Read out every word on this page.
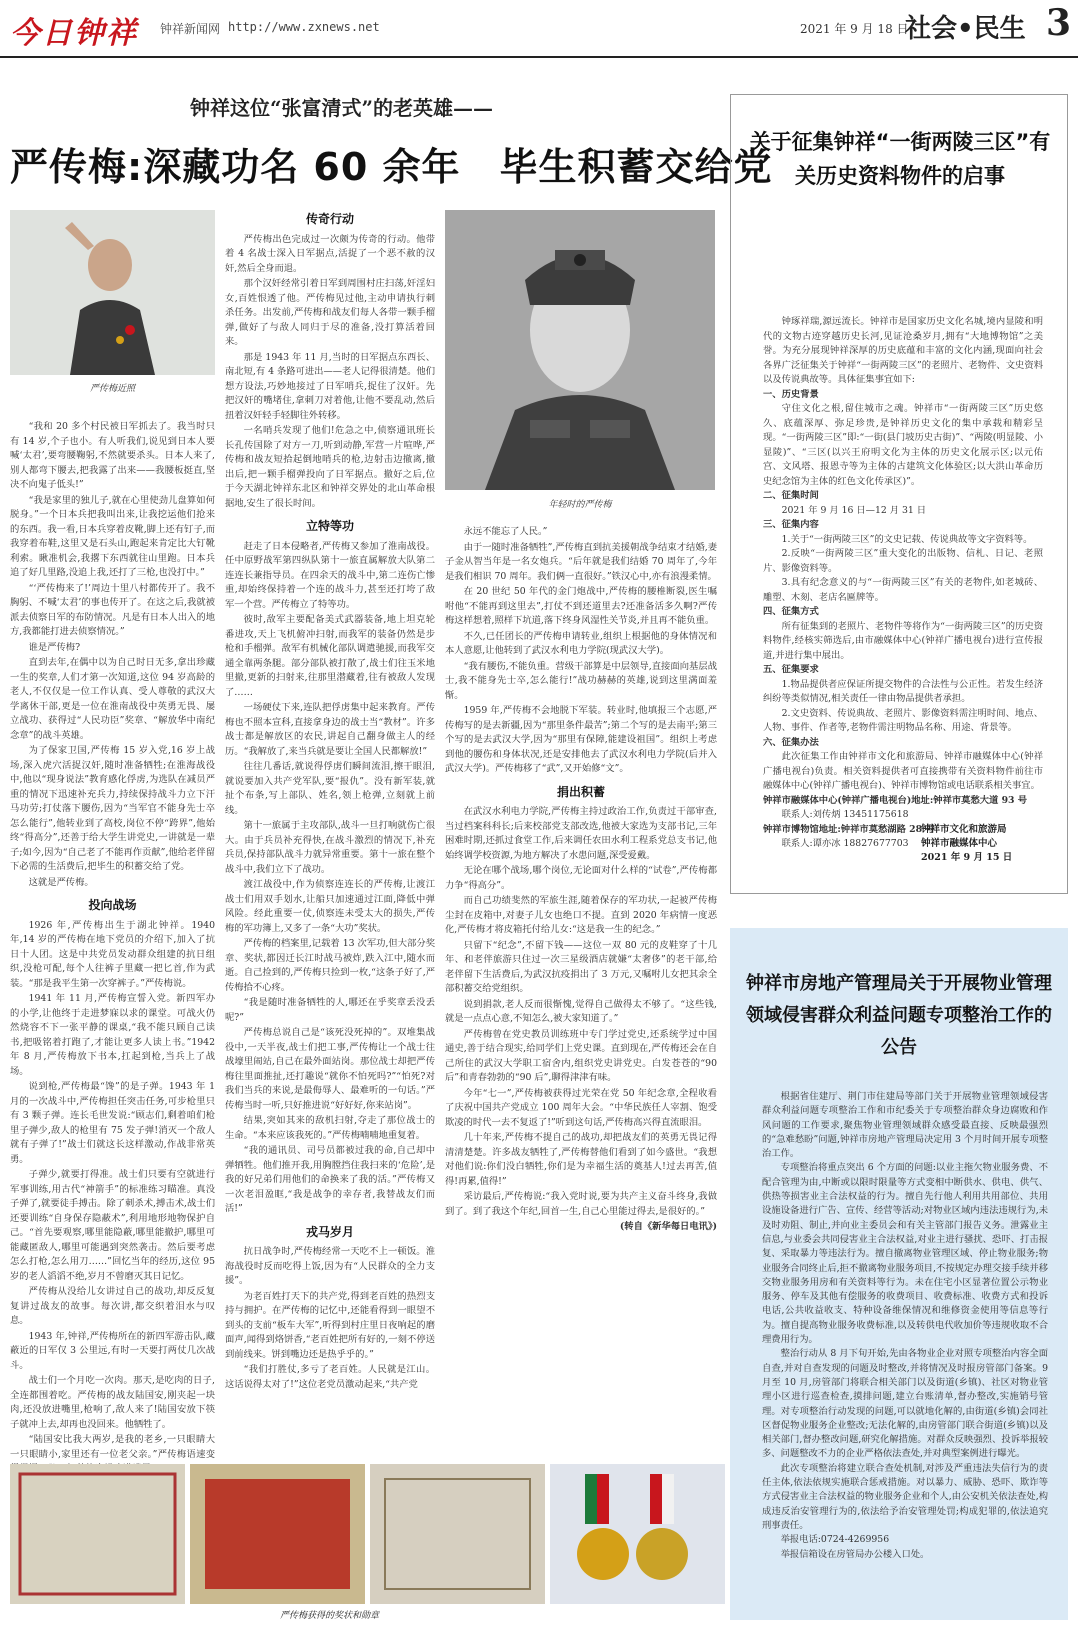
今日钟祥 钟祥新闻网 http://www.zxnews.net	2021 年 9 月 18 日
社会•民生 3
钟祥这位“张富清式”的老英雄——
严传梅:深藏功名 60 余年　毕生积蓄交给党
严传梅近照

“我和 20 多个村民被日军抓去了。我当时只有 14 岁,个子也小。有人听我们,说见到日本人要喊‘太君’,要弯腰鞠躬,不然就要杀头。日本人来了,别人都弯下腰去,把我露了出来——我腰板挺直,坚决不向鬼子低头!”

“我是家里的独儿子,就在心里使劲儿盘算如何脱身。”一个日本兵把我叫出来,让我挖运他们抢来的东西。我一看,日本兵穿着皮靴,脚上还有钉子,而我穿着布鞋,这里又是石头山,跑起来肯定比大钉靴利索。瞅准机会,我撂下东西就往山里跑。日本兵追了好几里路,没追上我,还打了三枪,也没打中。”

“‘严传梅来了!’周边十里八村都传开了。我不胸躬、不喊‘太君’的事也传开了。在这之后,我就被派去侦察日军的布防情况。凡是有日本人出入的地方,我都能打进去侦察情况。”

谁是严传梅?

直到去年,在偶中以为自己时日无多,拿出珍藏一生的奖章,人们才第一次知道,这位 94 岁高龄的老人,不仅仅是一位工作认真、受人尊敬的武汉大学离休干部,更是一位在淮南战役中英勇无畏、屡立战功、获得过“人民功臣”奖章、“解放华中南纪念章”的战斗英雄。

为了保家卫国,严传梅 15 岁入党,16 岁上战场,深入虎穴活捉汉奸,随时准备牺牲;在淮海战役中,他以“现身说法”教育感化俘虏,为选队在减员严重的情况下迅速补充兵力,持续保持战斗力立下汗马功劳;打仗落下腰伤,因为“当军官不能身先士卒怎么能行”,他转业到了高校,岗位不停“跨界”,他始终“得高分”,还善于给大学生讲党史,一讲就是一辈子;如今,因为“自己老了不能再作贡献”,他给老伴留下必需的生活费后,把毕生的积蓄交给了党。

这就是严传梅。

投向战场

1926 年,严传梅出生于湖北钟祥。1940 年,14 岁的严传梅在地下党员的介绍下,加入了抗日十人团。这是中共党员发动群众组建的抗日组织,没枪可配,每个人往裤子里藏一把匕首,作为武装。“那是我平生第一次穿裤子。”严传梅说。

1941 年 11 月,严传梅宣誓入党。新四军办的小学,让他终于走进梦寐以求的课堂。可战火仍然烧容不下一张平静的课桌,“我不能只顾自己读书,把吸铭着打跑了,才能让更多人读上书。”1942 年 8 月,严传梅放下书本,扛起到枪,当兵上了战场。

说到枪,严传梅最“馋”的是子弹。1943 年 1 月的一次战斗中,严传梅担任突击任务,可步枪里只有 3 颗子弹。连长毛世发说:“顾志们,剩着咱们枪里子弹少,敌人的枪里有 75 发子弹!消灭一个敌人就有子弹了!”战士们就这长这样激动,作战非常英勇。

子弹少,就要打得准。战士们只要有空就进行军事训练,用古代“神箭手”的标准练习瞄准。真没子弹了,就要徒手搏击。除了刺杀术,搏击术,战士们还要训练“自身保存隐蔽术”,利用地形地物保护自己。“首先要观察,哪里能隐蔽,哪里能撤护,哪里可能藏匿敌人,哪里可能遇到突然袭击。然后要考虑怎么打枪,怎么用刀……”回忆当年的经历,这位 95 岁的老人滔滔不绝,岁月不曾磨灭其日记忆。

严传梅从没给儿女讲过自己的战功,却反反复复讲过战友的故事。每次讲,都交织着泪水与叹息。

1943 年,钟祥,严传梅所在的新四军游击队,藏蔽近的日军仅 3 公里远,有时一天要打两仗几次战斗。

战士们一个月吃一次肉。那天,是吃肉的日子,全连都围着吃。严传梅的战友陆国安,刚夹起一块肉,还没放进嘴里,枪响了,敌人来了!陆国安放下筷子就冲上去,却再也没回来。他牺牲了。

“陆国安比我大两岁,是我的老乡,一只眼睛大一只眼睛小,家里还有一位老父亲。”严传梅语速变

传奇行动

严传梅出色完成过一次颇为传奇的行动。他带着 4 名战士深入日军据点,活捉了一个恶不赦的汉奸,然后全身而退。

那个汉奸经常引着日军到周围村庄扫荡,奸淫妇女,百姓恨透了他。严传梅见过他,主动申请执行刺杀任务。出发前,严传梅和战友们每人各带一颗手榴弹,做好了与敌人同归于尽的准备,没打算活着回来。

那是 1943 年 11 月,当时的日军据点东西长、南北短,有 4 条路可进出——老人记得很清楚。他们想方设法,巧妙地接过了日军哨兵,捉住了汉奸。先把汉奸的嘴堵住,拿刺刀对着他,让他不要乱动,然后扭着汉奸轻手轻脚往外转移。

一名哨兵发现了他们!危急之中,侦察通讯班长长孔传国除了对方一刀,听到动静,军营一片喧哗,严传梅和战友短拾起倒地哨兵的枪,边射击边撤离,撤出后,把一颗手榴弹投向了日军据点。撤好之后,位于今天湖北钟祥东北区和钟祥交界处的北山革命根据地,安生了很长时间。

立特等功

赶走了日本侵略者,严传梅又参加了淮南战役。任中原野战军第四纵队第十一旅直属解放大队第二连连长兼指导员。在四余天的战斗中,第二连伤亡惨重,却始终保持着一个连的战斗力,甚至还打垮了敌军一个营。严传梅立了特等功。

彼时,敌军主要配备美式武器装备,地上坦克轮番进攻,天上飞机俯冲扫射,而我军的装备仍然是步枪和手榴弹。敌军有机械化部队调遣驰援,而我军交通全靠两条腿。部分部队被打散了,战士们往玉米地里撤,更新的扫射来,往那里潜藏着,往有被敌人发现了……

一场硬仗下来,连队把俘虏集中起来教育。严传梅也不照本宣科,直接拿身边的战士当“教材”。许多战士都是解放区的农民,讲起自己翻身做主人的经历。“我解放了,来当兵就是要让全国人民都解放!”

往往几番话,就说得俘虏们瞬间流泪,擦干眼泪,就说要加入共产党军队,要“报仇”。没有新军装,就扯个布条,写上部队、姓名,领上枪弹,立刻就上前线。

第十一旅属于主攻部队,战斗一旦打响就伤亡很大。由于兵员补充得快,在战斗激烈的情况下,补充兵员,保持部队战斗力就异常重要。第十一旅在整个战斗中,我们立下了战功。

渡江战役中,作为侦察连连长的严传梅,让渡江战士们用双手划水,让船只加速通过江面,降低中弹风险。经此重要一仗,侦察连未受太大的损失,严传梅的军功簿上,又多了一条“大功”奖状。

严传梅的档案里,记载着 13 次军功,但大部分奖章、奖状,都因迁长江时战马被炸,跌入江中,随水而逝。自己捡到的,严传梅只捡到一枚,“这条子好了,严传梅拾不心疼。

“我是随时准备牺牲的人,哪还在乎奖章丢没丢呢?”

严传梅总说自己是“该死没死掉的”。双堆集战役中,一天半夜,战士们把工事,严传梅让一个战士往战壕里闹站,自己在最外面站岗。那位战士却把严传梅往里面推扯,还打趣说“就你不怕死吗?”“怕死?对我们当兵的来说,是最侮辱人、最难听的一句话。”严传梅当时一听,只好推进说“好好好,你来站岗”。

结果,突如其来的敌机扫射,夺走了那位战士的生命。“本来应该我死的。”严传梅喃喃地重复着。

“我的通讯员、司号员都被过我的命,自己却中弹牺牲。他们推开我,用胸膛挡住我扫来的‘危险’,是我的好兄弟们用他们的命换来了我的活。”严传梅又一次老泪盈眶,“我是战争的幸存者,我替战友们而活!”

戎马岁月

抗日战争时,严传梅经常一天吃不上一顿饭。淮海战役时反而吃得上饭,因为有“人民群众的全力支援”。

为老百姓打天下的共产党,得到老百姓的热烈支持与拥护。在严传梅的记忆中,还能看得到一眼望不到头的支前“板车大军”,听得到村庄里日夜响起的磨面声,闻得到烙饼香,“老百姓把所有好的,一刻不停送到前线来。饼到嘴边还是热乎乎的。”

“我们打胜仗,多亏了老百姓。人民就是江山。这话说得太对了!”这位老党员激动起来,“共产党

年轻时的严传梅

永远不能忘了人民。”

由于一随时准备牺牲”,严传梅直到抗美援朝战争结束才结婚,妻子金从智当年是一名女炮兵。“后年就是我们结婚 70 周年了,今年是我们相识 70 周年。我们俩一直很好。”铁汉心中,亦有浪漫柔情。

在 20 世纪 50 年代的金门炮战中,严传梅的腰椎断裂,医生嘱咐他“不能再到这里去”,打仗不到还道里去?还准备活多久啊?严传梅这样想着,照样下坑道,落下终身风湿性关节炎,并且再不能负重。

不久,已任团长的严传梅申请转业,组织上根据他的身体情况和本人意愿,让他转到了武汉水利电力学院(现武汉大学)。

“我有腰伤,不能负重。营级干部算是中层领导,直接面向基层战士,我不能身先士卒,怎么能行!”战功赫赫的英雄,说到这里满面羞惭。

1959 年,严传梅不会地脱下军装。转业时,他填报三个志愿,严传梅写的是去新疆,因为“那里条件最苦”;第二个写的是去南平;第三个写的是去武汉大学,因为“那里有保障,能建设祖国”。组织上考虑到他的腰伤和身体状况,还是安排他去了武汉水利电力学院(后并入武汉大学)。严传梅移了“武”,又开始修“文”。

捐出积蓄

在武汉水利电力学院,严传梅主持过政治工作,负责过干部审查,当过档案科科长;后来校部党支部改选,他被大家选为支部书记,三年困难时期,还抓过食堂工作,后来调任农田水利工程系党总支书记,他始终调学校资源,为地方解决了水患问题,深受爱戴。

无论在哪个战场,哪个岗位,无论面对什么样的“试卷”,严传梅都力争“得高分”。

而自己功绩斐然的军旅生涯,随着保存的军功状,一起被严传梅尘封在皮箱中,对妻子儿女也绝口不提。直到 2020 年病情一度恶化,严传梅才将皮箱托付给儿女:“这是我一生的纪念。”

只留下“纪念”,不留下钱——这位一双 80 元的皮鞋穿了十几年、和老伴旅游只住过一次三星级酒店就嫌“太奢侈”的老干部,给老伴留下生活费后,为武汉抗疫捐出了 3 万元,又嘱咐儿女把其余全部积蓄交给党组织。

说到捐款,老人反而很惭愧,觉得自己做得太不够了。“这些钱,就是一点点心意,不知怎么,被大家知道了。”

严传梅曾在党史教员训练班中专门学过党史,还系统学过中国通史,善于结合现实,给同学们上党史课。直到现在,严传梅还会在自己所住的武汉大学职工宿舍内,组织党史讲党史。白发苍苍的“90 后”和青春勃勃的“90 后”,聊得津津有味。

今年“七一”,严传梅被获得过光荣在党 50 年纪念章,全程收看了庆祝中国共产党成立 100 周年大会。“中华民族任人宰割、饱受欺凌的时代一去不复返了!”听到这句话,严传梅高兴得直流眼泪。

几十年来,严传梅不提自己的战功,却把战友们的英勇无畏记得清清楚楚。许多战友牺牲了,严传梅替他们看到了如今盛世。“我想对他们说:你们没白牺牲,你们是为幸福生活的奠基人!过去再苦,值得!再累,值得!”

采访最后,严传梅说:“我入党时说,要为共产主义奋斗终身,我做到了。到了我这个年纪,回首一生,自己心里能过得去,是很好的。”

(转自《新华每日电讯》)

严传梅获得的奖状和勋章
关于征集钟祥“一街两陵三区”有关历史资料物件的启事

钟琢祥瑞,源远流长。钟祥市是国家历史文化名城,境内显陵和明代的文物古迹穿越历史长河,见证沧桑岁月,拥有“大地博物馆”之美誉。为充分展现钟祥深厚的历史底蕴和丰富的文化内涵,现面向社会各界广泛征集关于钟祥“一街两陵三区”的老照片、老物件、文史资料以及传说典故等。具体征集事宜如下:

一、历史背景

守住文化之根,留住城市之魂。钟祥市“一街两陵三区”历史悠久、底蕴深厚、弥足珍贵,是钟祥历史文化的集中承载和精彩呈现。“一街两陵三区”即:“一街(县门坡历史古街)”、“两陵(明显陵、小显陵)”、“三区(以兴王府明文化为主体的历史文化展示区;以元佑宫、文风塔、报恩寺等为主体的古建筑文化体验区;以大洪山革命历史纪念馆为主体的红色文化传承区)”。

二、征集时间

2021 年 9 月 16 日—12 月 31 日

三、征集内容

1.关于“一街两陵三区”的文史记载、传说典故等文字资料等。

2.反映“一街两陵三区”重大变化的出版物、信札、日记、老照片、影像资料等。

3.具有纪念意义的与“一街两陵三区”有关的老物件,如老城砖、雕塑、木刻、老店名匾牌等。

四、征集方式

所有征集到的老照片、老物件等将作为“一街两陵三区”的历史资料物件,经核实筛选后,由市融媒体中心(钟祥广播电视台)进行宣传报道,并进行集中展出。

五、征集要求

1.物品提供者应保证所提交物件的合法性与公正性。若发生经济纠纷等类似情况,相关责任一律由物品提供者承担。

2.文史资料、传说典故、老照片、影像资料需注明时间、地点、人物、事件、作者等,老物件需注明物品名称、用途、背景等。

六、征集办法

此次征集工作由钟祥市文化和旅游局、钟祥市融媒体中心(钟祥广播电视台)负责。相关资料提供者可直接携带有关资料物件前往市融媒体中心(钟祥广播电视台)、钟祥市博物馆或电话联系相关事宜。

钟祥市融媒体中心(钟祥广播电视台)地址:钟祥市莫愁大道 93 号

联系人:刘传炳 13451175618

钟祥市博物馆地址:钟祥市莫愁湖路 28 号

联系人:谭亦冰 18827677703

钟祥市文化和旅游局
钟祥市融媒体中心
2021 年 9 月 15 日
钟祥市房地产管理局关于开展物业管理领域侵害群众利益问题专项整治工作的公告

根据省住建厅、荆门市住建局等部门关于开展物业管理领域侵害群众利益问题专项整治工作和市纪委关于专项整治群众身边腐败和作风问题的工作要求,聚焦物业管理领域群众感受最直接、反映最强烈的“急难愁盼”问题,钟祥市房地产管理局决定用 3 个月时间开展专项整治工作。

专项整治将重点突出 6 个方面的问题:以业主拖欠物业服务费、不配合管理为由,中断或以限时限量等方式变相中断供水、供电、供气、供热等损害业主合法权益的行为。擅自先行他人利用共用部位、共用设施设备进行广告、宣传、经营等活动;对物业区域内违法违规行为,未及时劝阻、制止,并向业主委员会和有关主管部门报告义务。泄露业主信息,与业委会共同侵害业主合法权益,对业主进行骚扰、恐吓、打击报复、采取暴力等违法行为。擅自撤离物业管理区域、停止物业服务;物业服务合同终止后,拒不撤离物业服务项目,不按规定办理交接手续并移交物业服务用房和有关资料等行为。未在住宅小区显著位置公示物业服务、停车及其他有偿服务的收费项目、收费标准、收费方式和投诉电话,公共收益收支、特种设备维保情况和维修资金使用等信息等行为。擅自提高物业服务收费标准,以及转供电代收加价等违规收取不合理费用行为。

整治行动从 8 月下旬开始,先由各物业企业对照专项整治内容全面自查,并对自查发现的问题及时整改,并将情况及时报房管部门备案。9 月至 10 月,房管部门将联合相关部门以及街道(乡镇)、社区对物业管理小区进行巡查检查,摸排问题,建立台账清单,督办整改,实施销号管理。对专项整治行动发现的问题,可以就地化解的,由街道(乡镇)会同社区督促物业服务企业整改;无法化解的,由房管部门联合街道(乡镇)以及相关部门,督办整改问题,研究化解措施。对群众反映强烈、投诉举报较多、问题整改不力的企业严格依法查处,并对典型案例进行曝光。

此次专项整治将建立联合查处机制,对涉及严重违法失信行为的责任主体,依法依规实施联合惩戒措施。对以暴力、威胁、恐吓、欺诈等方式侵害业主合法权益的物业服务企业和个人,由公安机关依法查处,构成违反治安管理行为的,依法给予治安管理处罚;构成犯罪的,依法追究刑事责任。

举报电话:0724-4269956

举报信箱设在房管局办公楼入口处。
